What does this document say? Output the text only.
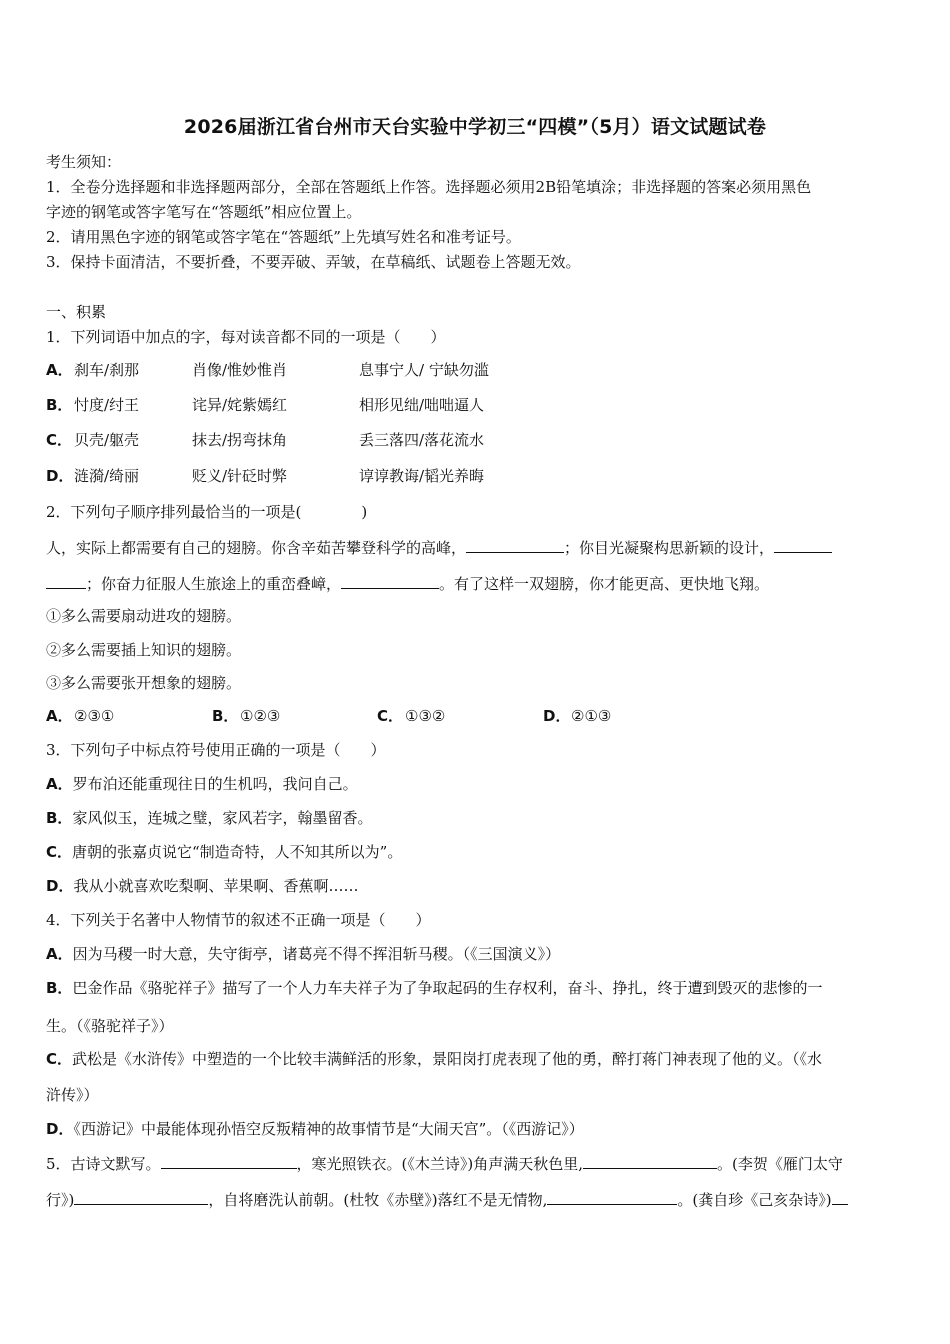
2026届浙江省台州市天台实验中学初三“四模”（5月）语文试题试卷
考生须知：
1．全卷分选择题和非选择题两部分，全部在答题纸上作答。选择题必须用2B铅笔填涂；非选择题的答案必须用黑色
字迹的钢笔或答字笔写在“答题纸”相应位置上。
2．请用黑色字迹的钢笔或答字笔在“答题纸”上先填写姓名和准考证号。
3．保持卡面清洁，不要折叠，不要弄破、弄皱，在草稿纸、试题卷上答题无效。
一、积累
1．下列词语中加点的字，每对读音都不同的一项是（　　）
A． 刹车/刹那	肖像/惟妙惟肖	息事宁人/ 宁缺勿滥
B． 忖度/纣王	诧异/姹紫嫣红	相形见绌/咄咄逼人
C． 贝壳/躯壳	抹去/拐弯抹角	丢三落四/落花流水
D． 涟漪/绮丽	贬义/针砭时弊	谆谆教诲/韬光养晦
2．下列句子顺序排列最恰当的一项是(　　　　)
人，实际上都需要有自己的翅膀。你含辛茹苦攀登科学的高峰，	；你目光凝聚构思新颖的设计，
；你奋力征服人生旅途上的重峦叠嶂，	。有了这样一双翅膀，你才能更高、更快地飞翔。
①多么需要扇动进攻的翅膀。
②多么需要插上知识的翅膀。
③多么需要张开想象的翅膀。
A． ②③①	B． ①②③	C． ①③②	D． ②①③
3．下列句子中标点符号使用正确的一项是（　　）
A．罗布泊还能重现往日的生机吗，我问自己。
B．家风似玉，连城之璧，家风若字，翰墨留香。
C．唐朝的张嘉贞说它“制造奇特，人不知其所以为”。
D．我从小就喜欢吃梨啊、苹果啊、香蕉啊……
4．下列关于名著中人物情节的叙述不正确一项是（　　）
A．因为马稷一时大意，失守街亭，诸葛亮不得不挥泪斩马稷。（《三国演义》）
B．巴金作品《骆驼祥子》描写了一个人力车夫祥子为了争取起码的生存权利，奋斗、挣扎，终于遭到毁灭的悲惨的一
生。（《骆驼祥子》）
C．武松是《水浒传》中塑造的一个比较丰满鲜活的形象，景阳岗打虎表现了他的勇，醉打蒋门神表现了他的义。（《水
浒传》）
D．《西游记》中最能体现孙悟空反叛精神的故事情节是“大闹天宫”。（《西游记》）
5．古诗文默写。	，寒光照铁衣。(《木兰诗》)角声满天秋色里,	。(李贺《雁门太守
行》)	，自将磨洗认前朝。(杜牧《赤壁》)落红不是无情物,	。(龚自珍《己亥杂诗》)
